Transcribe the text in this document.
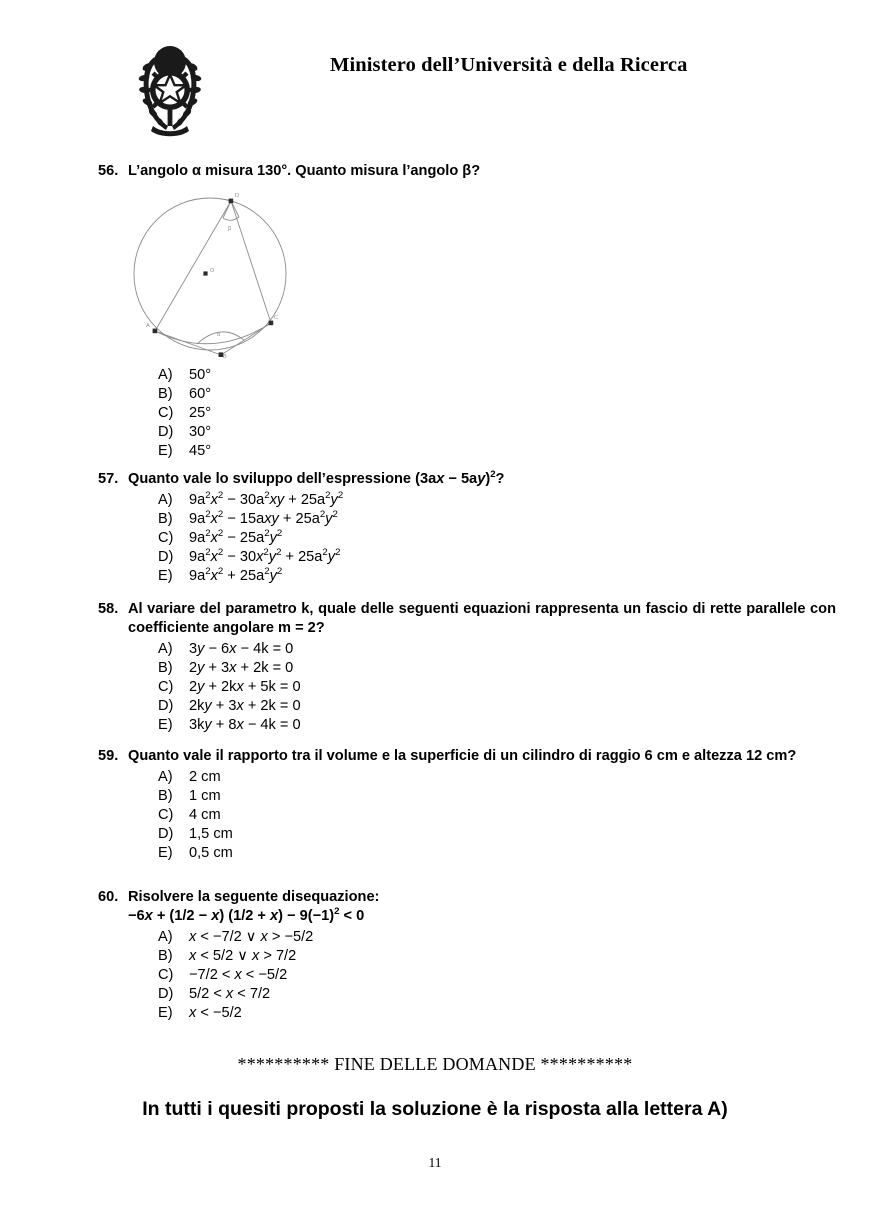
Ministero dell’Università e della Ricerca
56. L’angolo α misura 130°. Quanto misura l’angolo β?
D
A
B
C
O
β
α
A)	50°
B)	60°
C)	25°
D)	30°
E)	45°
57. Quanto vale lo sviluppo dell’espressione $(3ax - 5ay)^2$?
A)	$9a^2x^2 - 30a^2xy + 25a^2y^2$
B)	$9a^2x^2 - 15axy + 25a^2y^2$
C)	$9a^2x^2 - 25a^2y^2$
D)	$9a^2x^2 - 30x^2y^2 + 25a^2y^2$
E)	$9a^2x^2 + 25a^2y^2$
58. Al variare del parametro k, quale delle seguenti equazioni rappresenta un fascio di rette parallele con coefficiente angolare m = 2?
A)	3y − 6x − 4k = 0
B)	2y + 3x + 2k = 0
C)	2y + 2kx + 5k = 0
D)	2ky + 3x + 2k = 0
E)	3ky + 8x − 4k = 0
59. Quanto vale il rapporto tra il volume e la superficie di un cilindro di raggio 6 cm e altezza 12 cm?
A)	2 cm
B)	1 cm
C)	4 cm
D)	1,5 cm
E)	0,5 cm
60. Risolvere la seguente disequazione:
−6x + (1/2 − x) $(1/2 + x) - 9(-1)^2 < 0$
A)	x < −7/2 ∨ x > −5/2
B)	x < 5/2 ∨ x > 7/2
C)	−7/2 < x < −5/2
D)	5/2 < x < 7/2
E)	x < −5/2
********** FINE DELLE DOMANDE **********
In tutti i quesiti proposti la soluzione è la risposta alla lettera A)
11
